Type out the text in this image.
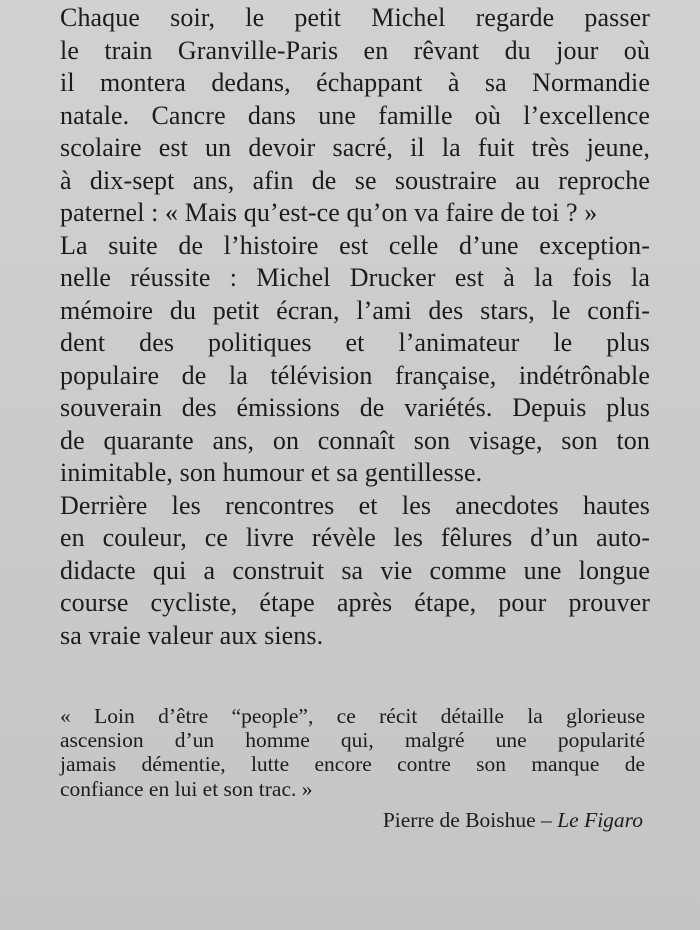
Chaque soir, le petit Michel regarde passer
le train Granville-Paris en rêvant du jour où
il montera dedans, échappant à sa Normandie
natale. Cancre dans une famille où l’excellence
scolaire est un devoir sacré, il la fuit très jeune,
à dix-sept ans, afin de se soustraire au reproche
paternel : « Mais qu’est-ce qu’on va faire de toi ? »
La suite de l’histoire est celle d’une exception-
nelle réussite : Michel Drucker est à la fois la
mémoire du petit écran, l’ami des stars, le confi-
dent des politiques et l’animateur le plus
populaire de la télévision française, indétrônable
souverain des émissions de variétés. Depuis plus
de quarante ans, on connaît son visage, son ton
inimitable, son humour et sa gentillesse.
Derrière les rencontres et les anecdotes hautes
en couleur, ce livre révèle les fêlures d’un auto-
didacte qui a construit sa vie comme une longue
course cycliste, étape après étape, pour prouver
sa vraie valeur aux siens.
« Loin d’être “people”, ce récit détaille la glorieuse
ascension d’un homme qui, malgré une popularité
jamais démentie, lutte encore contre son manque de
confiance en lui et son trac. »
Pierre de Boishue – Le Figaro
